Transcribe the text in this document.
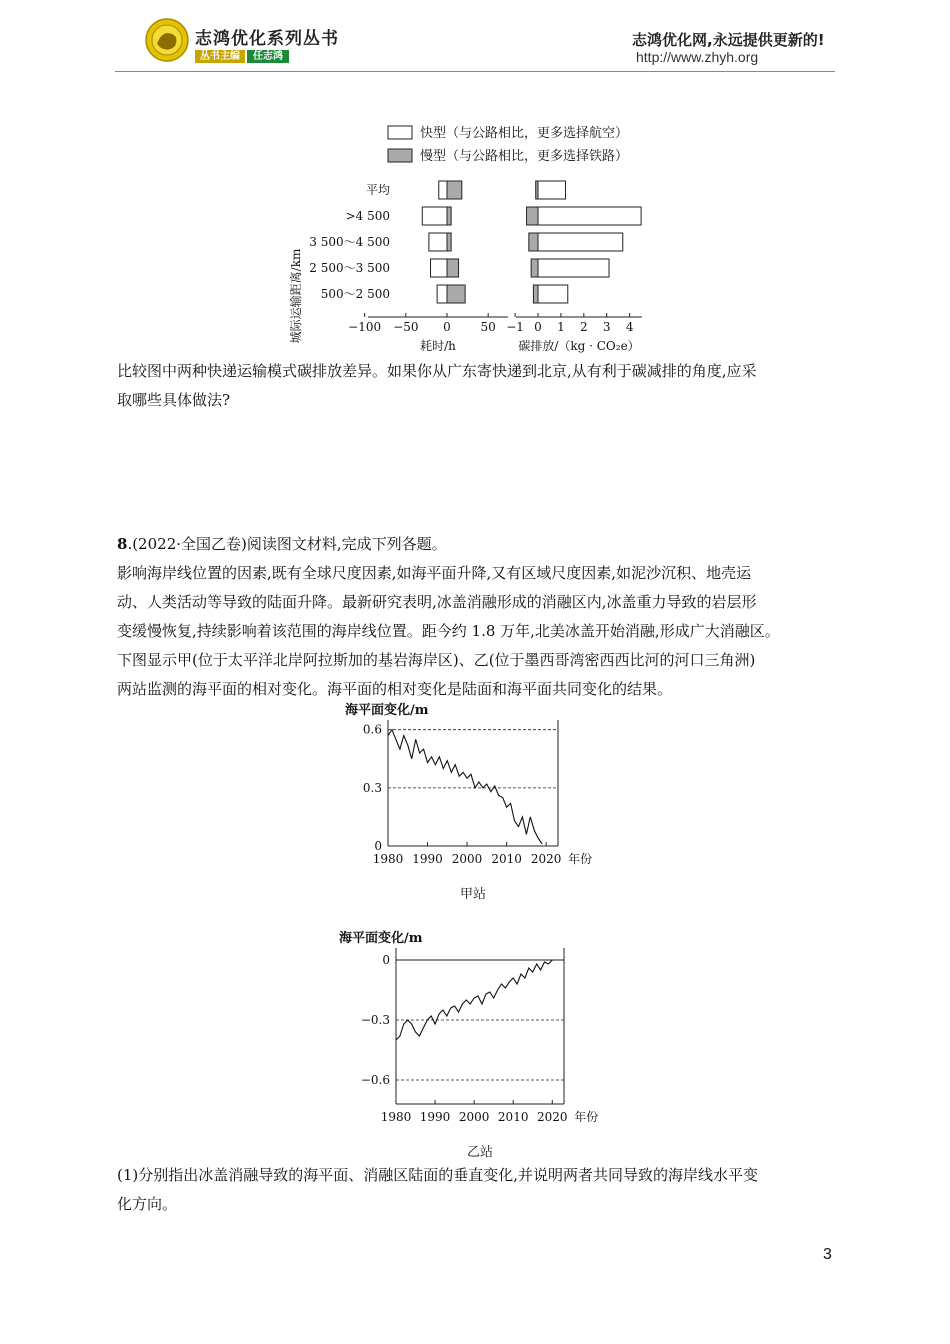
志鸿优化系列丛书
丛书主编 任志鸿
志鸿优化网,永远提供更新的!
http://www.zhyh.org
快型（与公路相比，更多选择航空）
慢型（与公路相比，更多选择铁路）
城际运输距离/km
平均
>4 500
3 500～4 500
2 500～3 500
500～2 500
−100 −50 0 50
耗时/h
−1 0 1 2 3 4
碳排放/（kg · CO₂e）
比较图中两种快递运输模式碳排放差异。如果你从广东寄快递到北京,从有利于碳减排的角度,应采
取哪些具体做法?
8.(2022·全国乙卷)阅读图文材料,完成下列各题。
影响海岸线位置的因素,既有全球尺度因素,如海平面升降,又有区域尺度因素,如泥沙沉积、地壳运
动、人类活动等导致的陆面升降。最新研究表明,冰盖消融形成的消融区内,冰盖重力导致的岩层形
变缓慢恢复,持续影响着该范围的海岸线位置。距今约 1.8 万年,北美冰盖开始消融,形成广大消融区。
下图显示甲(位于太平洋北岸阿拉斯加的基岩海岸区)、乙(位于墨西哥湾密西西比河的河口三角洲)
两站监测的海平面的相对变化。海平面的相对变化是陆面和海平面共同变化的结果。
海平面变化/m
0.6
0.3
0
1980 1990 2000 2010 2020 年份
甲站
海平面变化/m
0
−0.3
−0.6
1980 1990 2000 2010 2020 年份
乙站
(1)分别指出冰盖消融导致的海平面、消融区陆面的垂直变化,并说明两者共同导致的海岸线水平变
化方向。
3
